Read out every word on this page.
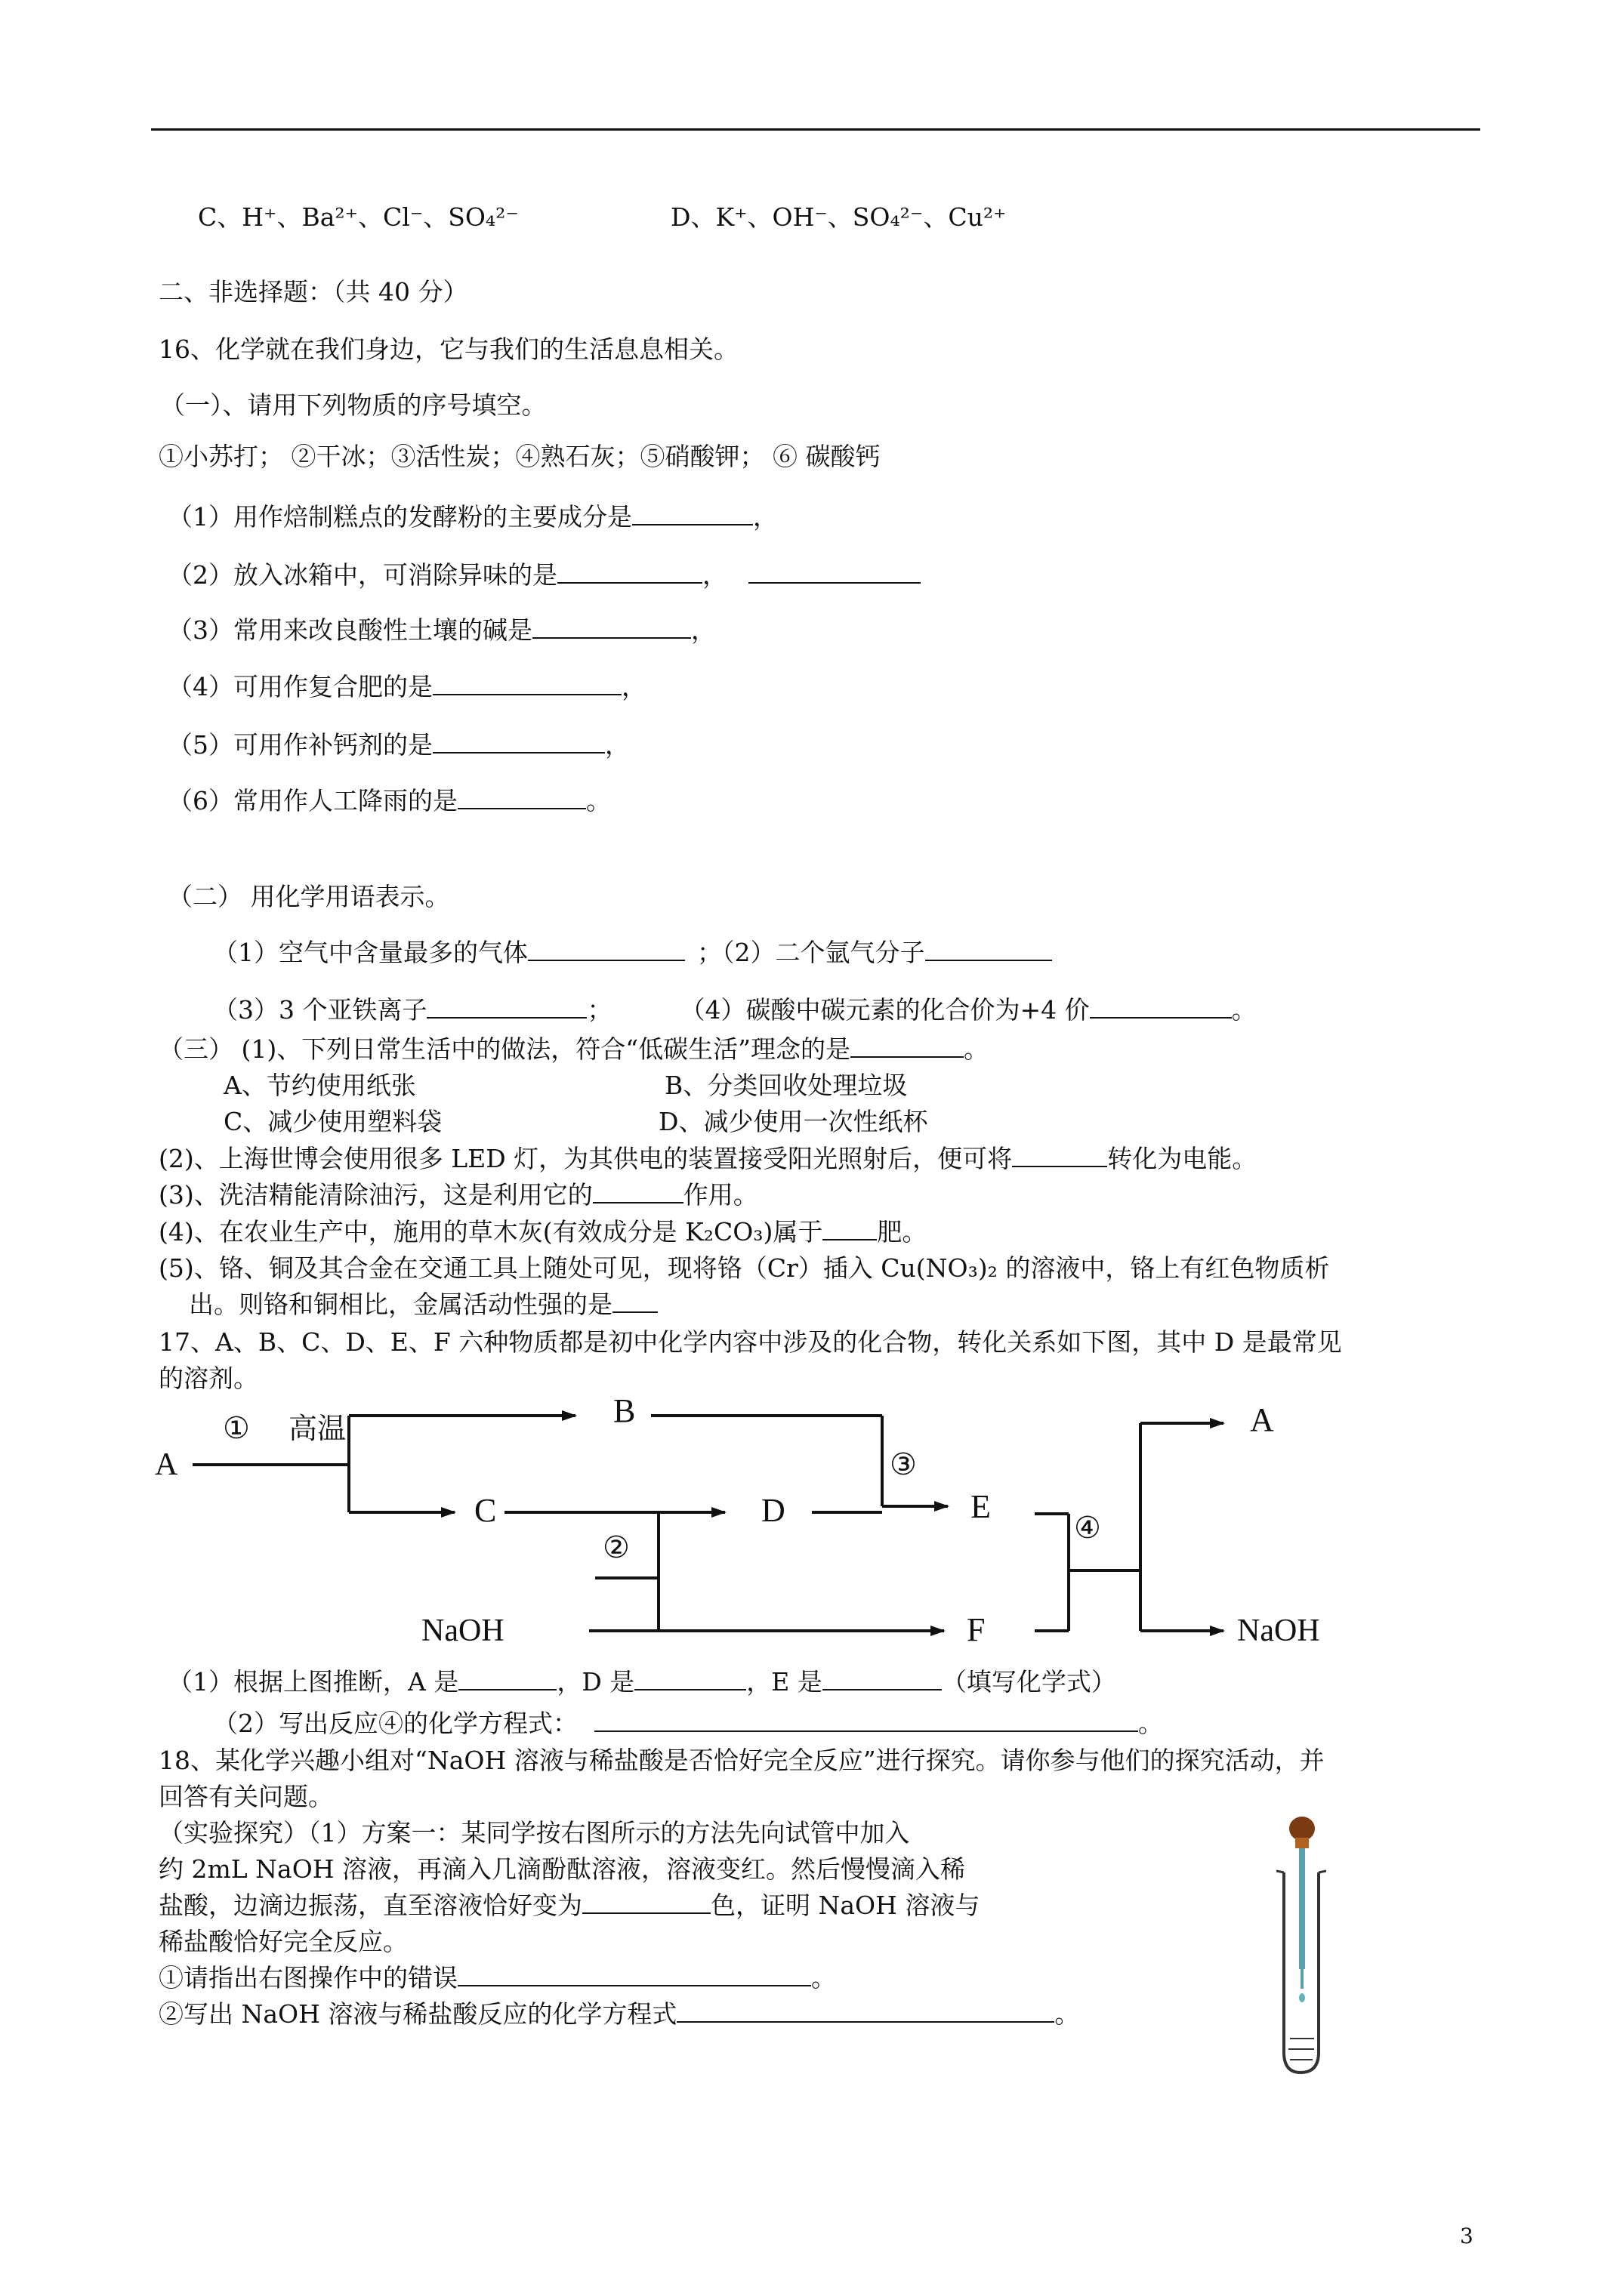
C、H⁺、Ba²⁺、Cl⁻、SO₄²⁻	D、K⁺、OH⁻、SO₄²⁻、Cu²⁺
二、非选择题：（共 40 分）
16、化学就在我们身边，它与我们的生活息息相关。
（一）、请用下列物质的序号填空。
①小苏打； ②干冰；③活性炭；④熟石灰；⑤硝酸钾； ⑥ 碳酸钙
（1）用作焙制糕点的发酵粉的主要成分是	，
（2）放入冰箱中，可消除异味的是	，
（3）常用来改良酸性土壤的碱是	，
（4）可用作复合肥的是	，
（5）可用作补钙剂的是	，
（6）常用作人工降雨的是	。
（二） 用化学用语表示。
（1）空气中含量最多的气体	；（2）二个氩气分子
（3）3 个亚铁离子	；	（4）碳酸中碳元素的化合价为+4 价	。
（三） (1)、下列日常生活中的做法，符合“低碳生活”理念的是	。
A、节约使用纸张	B、分类回收处理垃圾
C、减少使用塑料袋	D、减少使用一次性纸杯
(2)、上海世博会使用很多 LED 灯，为其供电的装置接受阳光照射后，便可将	转化为电能。
(3)、洗洁精能清除油污，这是利用它的	作用。
(4)、在农业生产中，施用的草木灰(有效成分是 K₂CO₃)属于 肥。
(5)、铬、铜及其合金在交通工具上随处可见，现将铬（Cr）插入 Cu(NO₃)₂ 的溶液中，铬上有红色物质析
出。则铬和铜相比，金属活动性强的是
17、A、B、C、D、E、F 六种物质都是初中化学内容中涉及的化合物，转化关系如下图，其中 D 是最常见
的溶剂。
A
① 高温	B
C
②
D
③
E
④
A
NaOH	F	NaOH
（1）根据上图推断，A 是	，D 是	，E 是	（填写化学式）
（2）写出反应④的化学方程式：	。
18、某化学兴趣小组对“NaOH 溶液与稀盐酸是否恰好完全反应”进行探究。请你参与他们的探究活动，并
回答有关问题。
（实验探究）（1）方案一：某同学按右图所示的方法先向试管中加入
约 2mL NaOH 溶液，再滴入几滴酚酞溶液，溶液变红。然后慢慢滴入稀
盐酸，边滴边振荡，直至溶液恰好变为	色，证明 NaOH 溶液与
稀盐酸恰好完全反应。
①请指出右图操作中的错误	。
②写出 NaOH 溶液与稀盐酸反应的化学方程式	。
3
